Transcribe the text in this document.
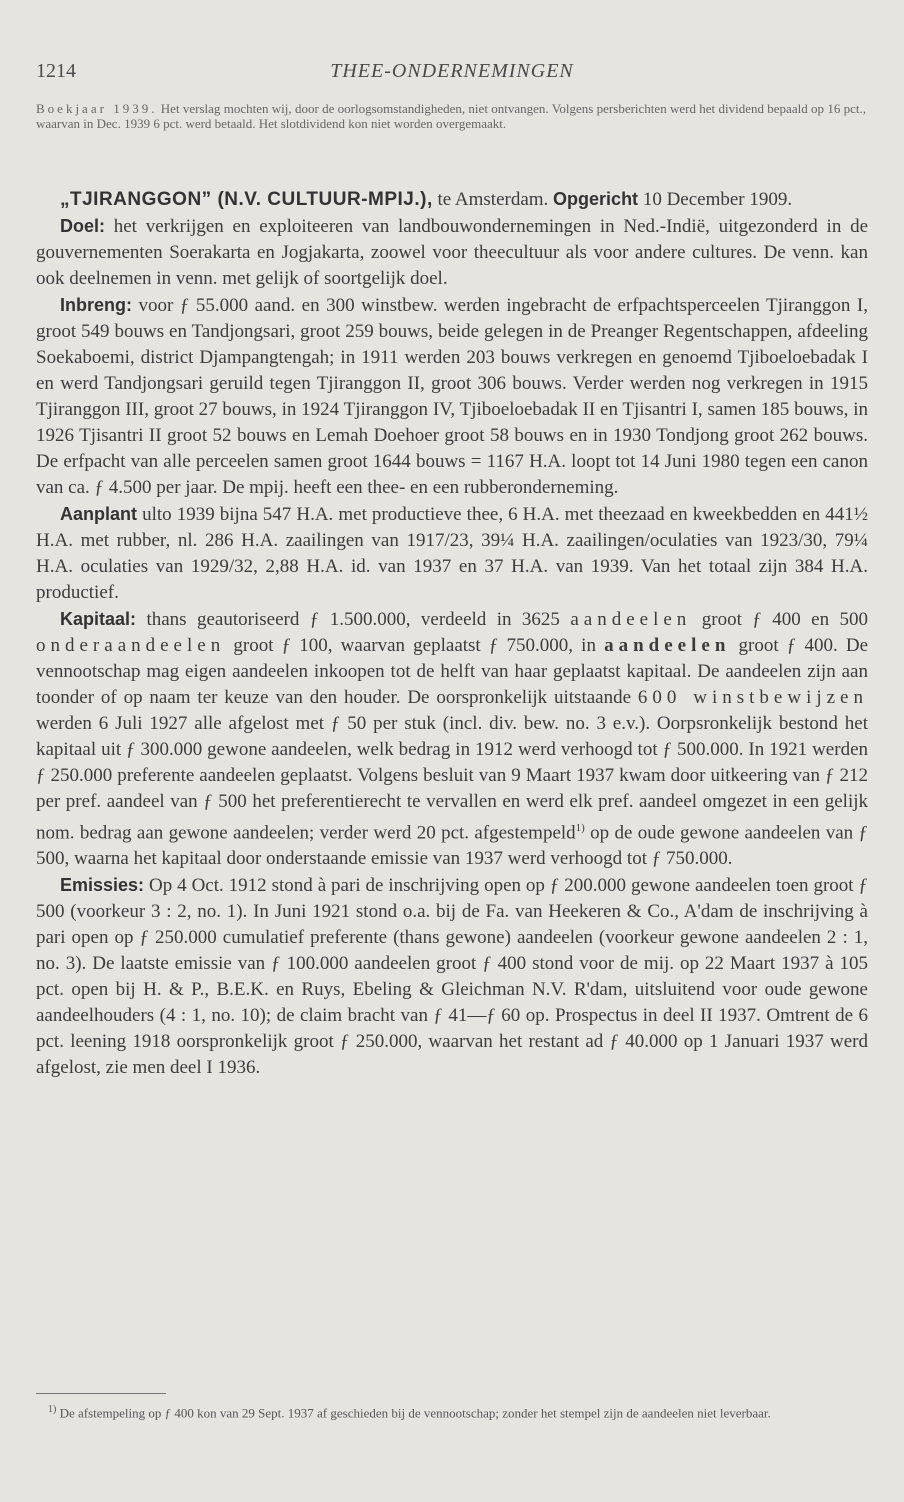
1214	THEE-ONDERNEMINGEN
Boekjaar 1939. Het verslag mochten wij, door de oorlogsomstandigheden, niet ontvangen. Volgens persberichten werd het dividend bepaald op 16 pct., waarvan in Dec. 1939 6 pct. werd betaald. Het slotdividend kon niet worden overgemaakt.

„TJIRANGGON” (N.V. CULTUUR-MPIJ.), te Amsterdam. Opgericht 10 December 1909.

Doel: het verkrijgen en exploiteeren van landbouwondernemingen in Ned.-Indië, uitgezonderd in de gouvernementen Soerakarta en Jogjakarta, zoowel voor theecultuur als voor andere cultures. De venn. kan ook deelnemen in venn. met gelijk of soortgelijk doel.

Inbreng: voor ƒ 55.000 aand. en 300 winstbew. werden ingebracht de erfpachtsperceelen Tjiranggon I, groot 549 bouws en Tandjongsari, groot 259 bouws, beide gelegen in de Preanger Regentschappen, afdeeling Soekaboemi, district Djampangtengah; in 1911 werden 203 bouws verkregen en genoemd Tjiboeloebadak I en werd Tandjongsari geruild tegen Tjiranggon II, groot 306 bouws. Verder werden nog verkregen in 1915 Tjiranggon III, groot 27 bouws, in 1924 Tjiranggon IV, Tjiboeloebadak II en Tjisantri I, samen 185 bouws, in 1926 Tjisantri II groot 52 bouws en Lemah Doehoer groot 58 bouws en in 1930 Tondjong groot 262 bouws. De erfpacht van alle perceelen samen groot 1644 bouws = 1167 H.A. loopt tot 14 Juni 1980 tegen een canon van ca. ƒ 4.500 per jaar. De mpij. heeft een thee- en een rubberonderneming.

Aanplant ulto 1939 bijna 547 H.A. met productieve thee, 6 H.A. met theezaad en kweekbedden en 441½ H.A. met rubber, nl. 286 H.A. zaailingen van 1917/23, 39¼ H.A. zaailingen/oculaties van 1923/30, 79¼ H.A. oculaties van 1929/32, 2,88 H.A. id. van 1937 en 37 H.A. van 1939. Van het totaal zijn 384 H.A. productief.

Kapitaal: thans geautoriseerd ƒ 1.500.000, verdeeld in 3625 aandeelen groot ƒ 400 en 500 onderaandeelen groot ƒ 100, waarvan geplaatst ƒ 750.000, in aandeelen groot ƒ 400. De vennootschap mag eigen aandeelen inkoopen tot de helft van haar geplaatst kapitaal. De aandeelen zijn aan toonder of op naam ter keuze van den houder. De oorspronkelijk uitstaande 600 winstbewijzen werden 6 Juli 1927 alle afgelost met ƒ 50 per stuk (incl. div. bew. no. 3 e.v.). Oorpsronkelijk bestond het kapitaal uit ƒ 300.000 gewone aandeelen, welk bedrag in 1912 werd verhoogd tot ƒ 500.000. In 1921 werden ƒ 250.000 preferente aandeelen geplaatst. Volgens besluit van 9 Maart 1937 kwam door uitkeering van ƒ 212 per pref. aandeel van ƒ 500 het preferentierecht te vervallen en werd elk pref. aandeel omgezet in een gelijk nom. bedrag aan gewone aandeelen; verder werd 20 pct. afgestempeld$^{1)}$ op de oude gewone aandeelen van ƒ 500, waarna het kapitaal door onderstaande emissie van 1937 werd verhoogd tot ƒ 750.000.

Emissies: Op 4 Oct. 1912 stond à pari de inschrijving open op ƒ 200.000 gewone aandeelen toen groot ƒ 500 (voorkeur 3 : 2, no. 1). In Juni 1921 stond o.a. bij de Fa. van Heekeren & Co., A'dam de inschrijving à pari open op ƒ 250.000 cumulatief preferente (thans gewone) aandeelen (voorkeur gewone aandeelen 2 : 1, no. 3). De laatste emissie van ƒ 100.000 aandeelen groot ƒ 400 stond voor de mij. op 22 Maart 1937 à 105 pct. open bij H. & P., B.E.K. en Ruys, Ebeling & Gleichman N.V. R'dam, uitsluitend voor oude gewone aandeelhouders (4 : 1, no. 10); de claim bracht van ƒ 41—ƒ 60 op. Prospectus in deel II 1937. Omtrent de 6 pct. leening 1918 oorspronkelijk groot ƒ 250.000, waarvan het restant ad ƒ 40.000 op 1 Januari 1937 werd afgelost, zie men deel I 1936.

$^{1)}$ De afstempeling op ƒ 400 kon van 29 Sept. 1937 af geschieden bij de vennootschap; zonder het stempel zijn de aandeelen niet leverbaar.
